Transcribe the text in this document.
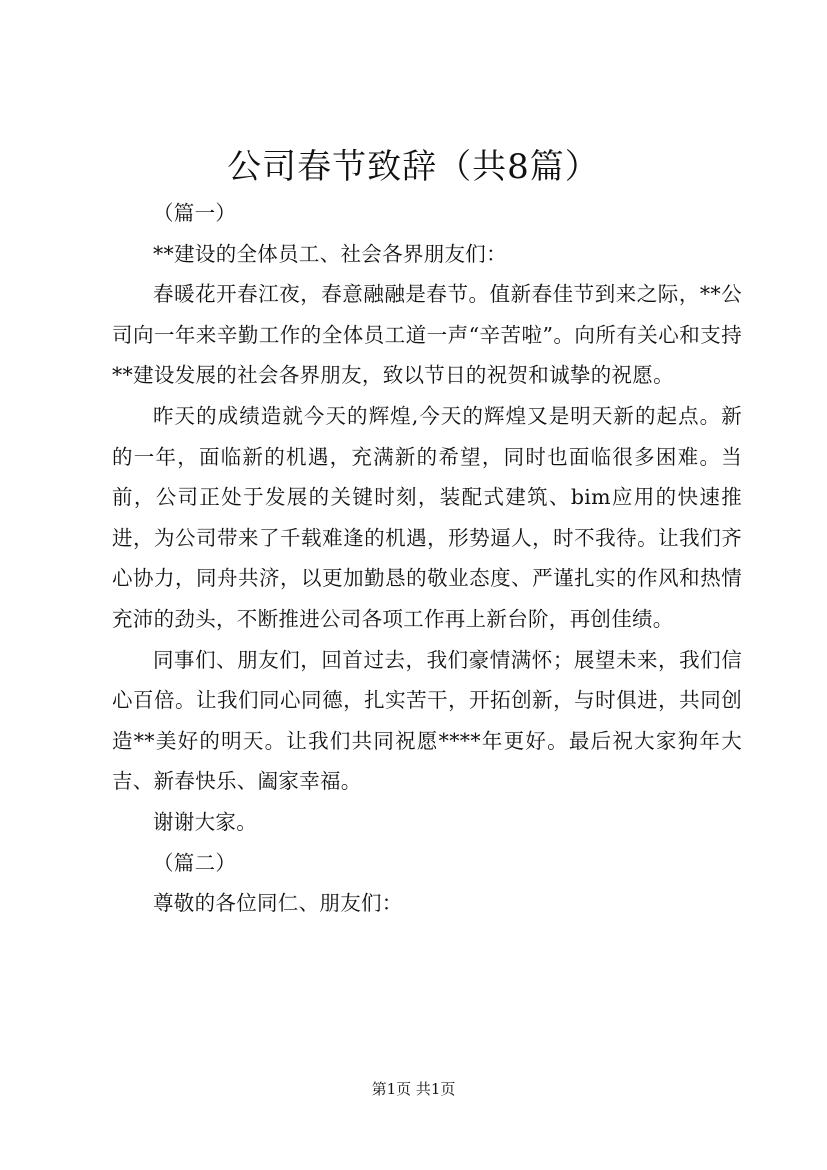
公司春节致辞（共8篇）

（篇一）

**建设的全体员工、社会各界朋友们：

春暖花开春江夜，春意融融是春节。值新春佳节到来之际，**公司向一年来辛勤工作的全体员工道一声“辛苦啦”。向所有关心和支持**建设发展的社会各界朋友，致以节日的祝贺和诚挚的祝愿。

昨天的成绩造就今天的辉煌,今天的辉煌又是明天新的起点。新的一年，面临新的机遇，充满新的希望，同时也面临很多困难。当前，公司正处于发展的关键时刻，装配式建筑、bim应用的快速推进，为公司带来了千载难逢的机遇，形势逼人，时不我待。让我们齐心协力，同舟共济，以更加勤恳的敬业态度、严谨扎实的作风和热情充沛的劲头，不断推进公司各项工作再上新台阶，再创佳绩。

同事们、朋友们，回首过去，我们豪情满怀；展望未来，我们信心百倍。让我们同心同德，扎实苦干，开拓创新，与时俱进，共同创造**美好的明天。让我们共同祝愿****年更好。最后祝大家狗年大吉、新春快乐、阖家幸福。

谢谢大家。

（篇二）

尊敬的各位同仁、朋友们：

第1页 共1页
